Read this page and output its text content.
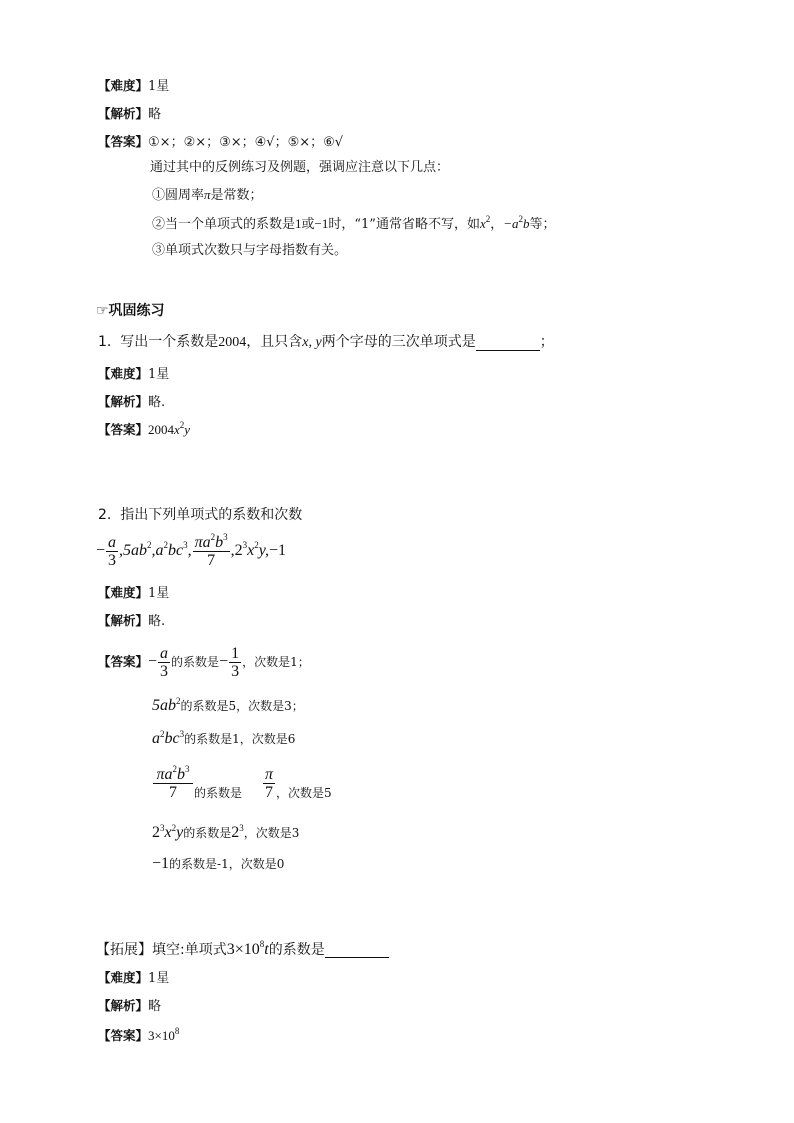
【难度】1星
【解析】略
【答案】①×；②×；③×；④√；⑤×；⑥√
通过其中的反例练习及例题，强调应注意以下几点：
①圆周率π是常数；
②当一个单项式的系数是1或−1时，“1”通常省略不写，如$x^2$，$-a^2b$等；
③单项式次数只与字母指数有关。
☞巩固练习
1. 写出一个系数是2004，且只含x, y两个字母的三次单项式是	；
【难度】1星
【解析】略.
【答案】$2004x^2y$
2. 指出下列单项式的系数和次数
− $\frac{a}{3} ,5ab^2,a^2bc^3$, $\frac{\pi a^2b^3}{7} ,2^3x^2y,-1$
【难度】1星
【解析】略.
【答案】− $\frac{a}{3}$ 的系数是− $\frac{1}{3}$ ，次数是1；
$5ab^2$的系数是5，次数是3；
$a^2bc^3$的系数是1，次数是6
$\frac{\pi a^2b^3}{7}$ 的系数是 $\frac{\pi}{7}$ ，次数是5
$2^3x^2y$的系数是$2^3$，次数是3
−1的系数是-1，次数是0
【拓展】填空:单项式$3\times 10^8t$的系数是
【难度】1星
【解析】略
【答案】$3\times 10^8$
